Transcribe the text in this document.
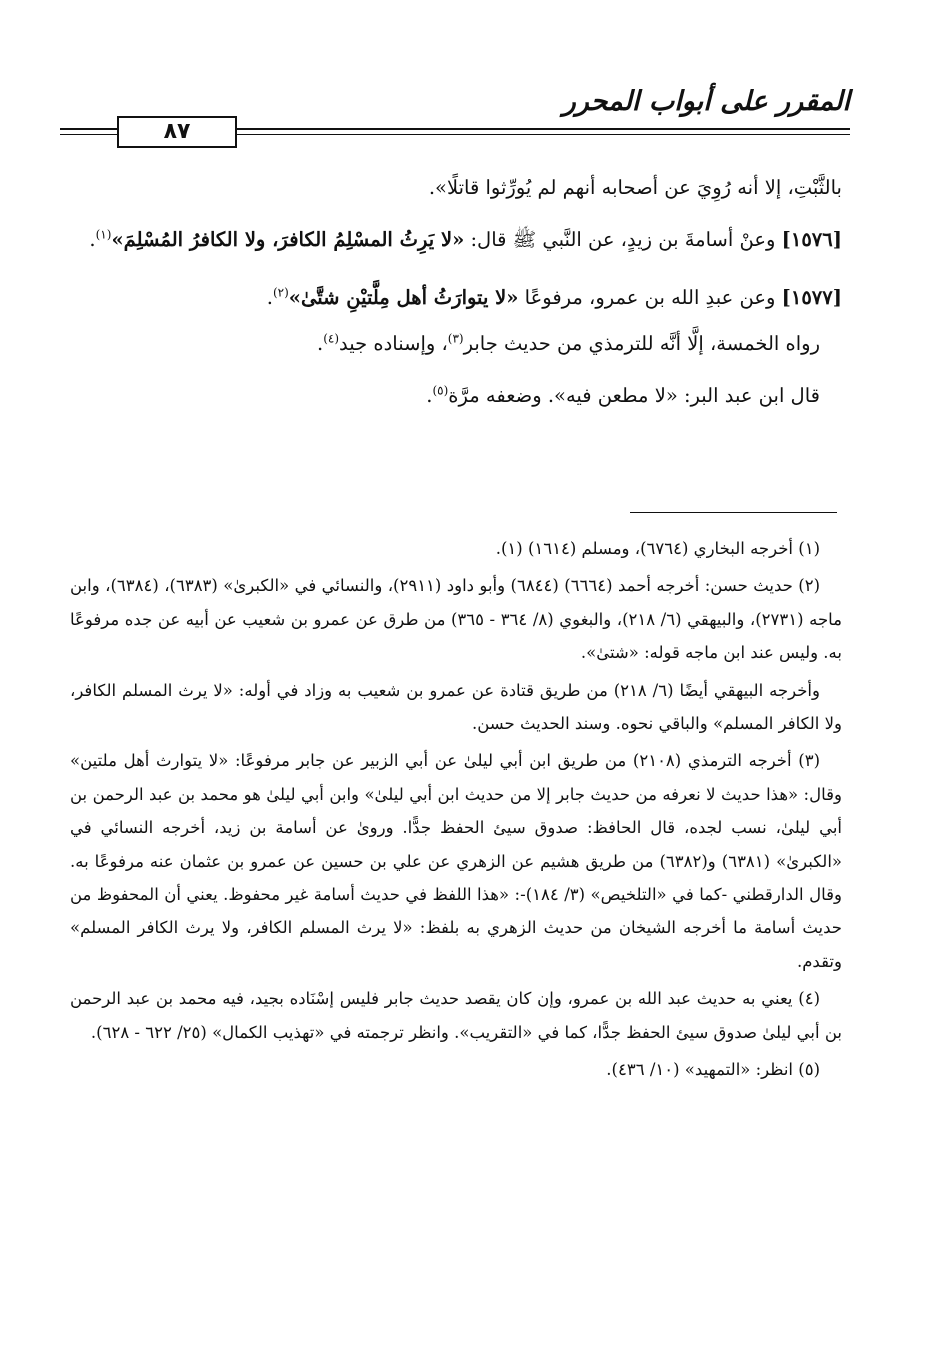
المقرر على أبواب المحرر
٨٧

بالثَّبْتِ، إلا أنه رُوِيَ عن أصحابه أنهم لم يُورِّثوا قاتلًا».

[١٥٧٦] وعنْ أسامةَ بن زيدٍ، عن النَّبي ﷺ قال: «لا يَرِثُ المسْلِمُ الكافرَ، ولا الكافرُ المُسْلِمَ»$^{(١)}$.

[١٥٧٧] وعن عبدِ الله بن عمرو، مرفوعًا «لا يتوارَثُ أهل مِلَّتيْنِ شتَّىٰ»$^{(٢)}$.

رواه الخمسة، إلَّا أنَّه للترمذي من حديث جابر$^{(٣)}$، وإسناده جيد$^{(٤)}$.

قال ابن عبد البر: «لا مطعن فيه». وضعفه مرَّة$^{(٥)}$.

(١) أخرجه البخاري (٦٧٦٤)، ومسلم (١٦١٤) (١).

(٢) حديث حسن: أخرجه أحمد (٦٦٦٤) (٦٨٤٤) وأبو داود (٢٩١١)، والنسائي في «الكبرىٰ» (٦٣٨٣)، (٦٣٨٤)، وابن ماجه (٢٧٣١)، والبيهقي (٦/ ٢١٨)، والبغوي (٨/ ٣٦٤ - ٣٦٥) من طرق عن عمرو بن شعيب عن أبيه عن جده مرفوعًا به. وليس عند ابن ماجه قوله: «شتىٰ».

وأخرجه البيهقي أيضًا (٦/ ٢١٨) من طريق قتادة عن عمرو بن شعيب به وزاد في أوله: «لا يرث المسلم الكافر، ولا الكافر المسلم» والباقي نحوه. وسند الحديث حسن.

(٣) أخرجه الترمذي (٢١٠٨) من طريق ابن أبي ليلىٰ عن أبي الزبير عن جابر مرفوعًا: «لا يتوارث أهل ملتين» وقال: «هذا حديث لا نعرفه من حديث جابر إلا من حديث ابن أبي ليلىٰ» وابن أبي ليلىٰ هو محمد بن عبد الرحمن بن أبي ليلىٰ، نسب لجده، قال الحافظ: صدوق سيئ الحفظ جدًّا. وروىٰ عن أسامة بن زيد، أخرجه النسائي في «الكبرىٰ» (٦٣٨١) و(٦٣٨٢) من طريق هشيم عن الزهري عن علي بن حسين عن عمرو بن عثمان عنه مرفوعًا به. وقال الدارقطني -كما في «التلخيص» (٣/ ١٨٤)-: «هذا اللفظ في حديث أسامة غير محفوظ. يعني أن المحفوظ من حديث أسامة ما أخرجه الشيخان من حديث الزهري به بلفظ: «لا يرث المسلم الكافر، ولا يرث الكافر المسلم» وتقدم.

(٤) يعني به حديث عبد الله بن عمرو، وإن كان يقصد حديث جابر فليس إسْنَاده بجيد، فيه محمد بن عبد الرحمن بن أبي ليلىٰ صدوق سيئ الحفظ جدًّا، كما في «التقريب». وانظر ترجمته في «تهذيب الكمال» (٢٥/ ٦٢٢ - ٦٢٨).

(٥) انظر: «التمهيد» (١٠/ ٤٣٦).
